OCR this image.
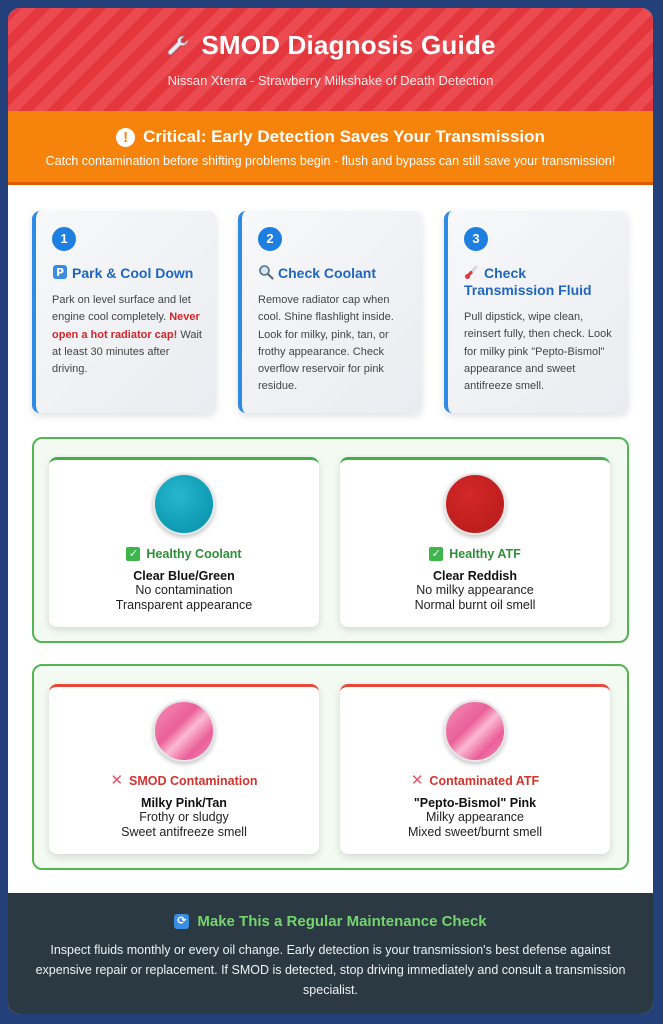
SMOD Diagnosis Guide
Nissan Xterra - Strawberry Milkshake of Death Detection
! Critical: Early Detection Saves Your Transmission
Catch contamination before shifting problems begin - flush and bypass can still save your transmission!
1
P Park & Cool Down
Park on level surface and let engine cool completely. Never open a hot radiator cap! Wait at least 30 minutes after driving.
2
Check Coolant
Remove radiator cap when cool. Shine flashlight inside. Look for milky, pink, tan, or frothy appearance. Check overflow reservoir for pink residue.
3
Check Transmission Fluid
Pull dipstick, wipe clean, reinsert fully, then check. Look for milky pink "Pepto-Bismol" appearance and sweet antifreeze smell.
✓ Healthy Coolant
Clear Blue/Green
No contamination
Transparent appearance
✓ Healthy ATF
Clear Reddish
No milky appearance
Normal burnt oil smell
✕ SMOD Contamination
Milky Pink/Tan
Frothy or sludgy
Sweet antifreeze smell
✕ Contaminated ATF
"Pepto-Bismol" Pink
Milky appearance
Mixed sweet/burnt smell
⟳ Make This a Regular Maintenance Check
Inspect fluids monthly or every oil change. Early detection is your transmission's best defense against expensive repair or replacement. If SMOD is detected, stop driving immediately and consult a transmission specialist.
